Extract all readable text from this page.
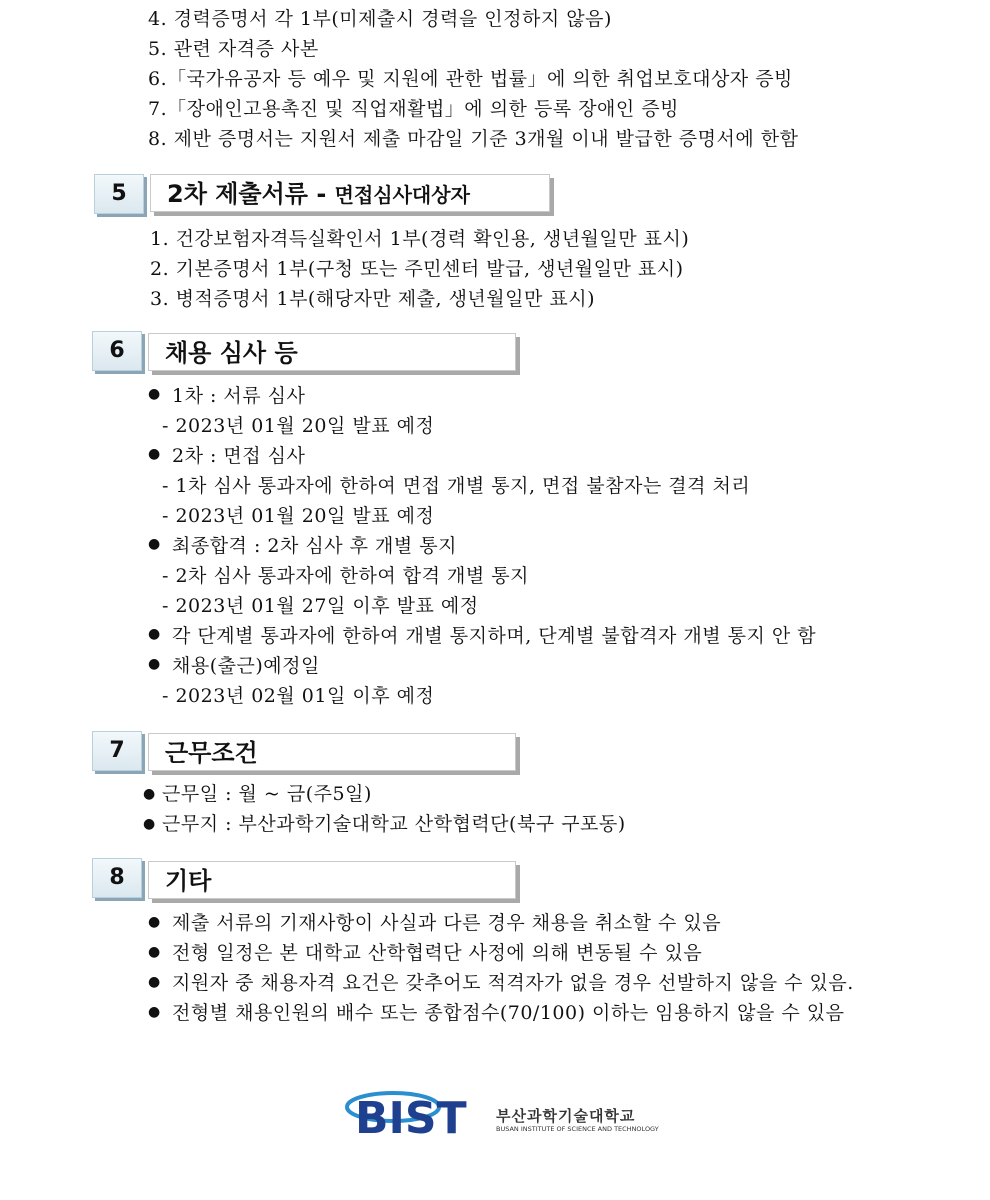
4. 경력증명서 각 1부(미제출시 경력을 인정하지 않음)
5. 관련 자격증 사본
6.「국가유공자 등 예우 및 지원에 관한 법률」에 의한 취업보호대상자 증빙
7.「장애인고용촉진 및 직업재활법」에 의한 등록 장애인 증빙
8. 제반 증명서는 지원서 제출 마감일 기준 3개월 이내 발급한 증명서에 한함
5	2차 제출서류 - 면접심사대상자
1. 건강보험자격득실확인서 1부(경력 확인용, 생년월일만 표시)
2. 기본증명서 1부(구청 또는 주민센터 발급, 생년월일만 표시)
3. 병적증명서 1부(해당자만 제출, 생년월일만 표시)
6	채용 심사 등
● 1차 : 서류 심사
- 2023년 01월 20일 발표 예정
● 2차 : 면접 심사
- 1차 심사 통과자에 한하여 면접 개별 통지, 면접 불참자는 결격 처리
- 2023년 01월 20일 발표 예정
● 최종합격 : 2차 심사 후 개별 통지
- 2차 심사 통과자에 한하여 합격 개별 통지
- 2023년 01월 27일 이후 발표 예정
● 각 단계별 통과자에 한하여 개별 통지하며, 단계별 불합격자 개별 통지 안 함
● 채용(출근)예정일
- 2023년 02월 01일 이후 예정
7	근무조건
● 근무일 : 월 ~ 금(주5일)
● 근무지 : 부산과학기술대학교 산학협력단(북구 구포동)
8	기타
● 제출 서류의 기재사항이 사실과 다른 경우 채용을 취소할 수 있음
● 전형 일정은 본 대학교 산학협력단 사정에 의해 변동될 수 있음
● 지원자 중 채용자격 요건은 갖추어도 적격자가 없을 경우 선발하지 않을 수 있음.
● 전형별 채용인원의 배수 또는 종합점수(70/100) 이하는 임용하지 않을 수 있음
BIST 부산과학기술대학교
BUSAN INSTITUTE OF SCIENCE AND TECHNOLOGY
